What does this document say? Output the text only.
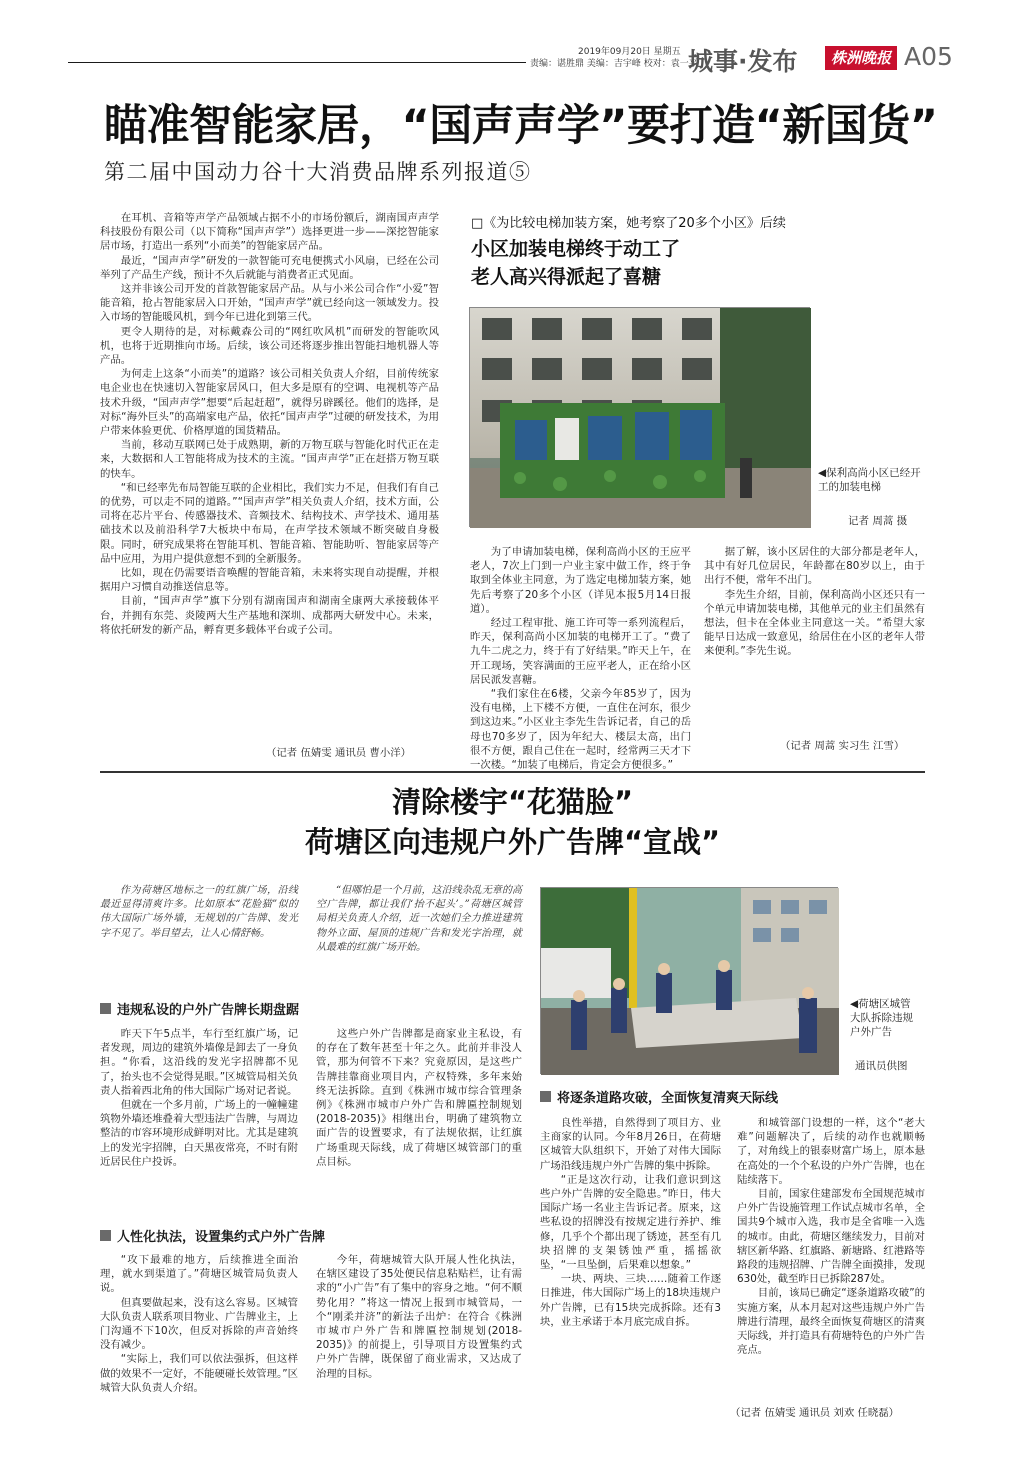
2019年09月20日 星期五
责编：谌胜鼎 美编：吉宇峰 校对：袁一平
城事·发布	株洲晚报 A05
瞄准智能家居，“国声声学”要打造“新国货”
第二届中国动力谷十大消费品牌系列报道⑤

在耳机、音箱等声学产品领域占据不小的市场份额后，湖南国声声学科技股份有限公司（以下简称“国声声学”）选择更进一步——深挖智能家居市场，打造出一系列“小而美”的智能家居产品。

最近，“国声声学”研发的一款智能可充电便携式小风扇，已经在公司举列了产品生产线，预计不久后就能与消费者正式见面。

这并非该公司开发的首款智能家居产品。从与小米公司合作“小爱”智能音箱，抢占智能家居入口开始，“国声声学”就已经向这一领域发力。投入市场的智能暖风机，到今年已进化到第三代。

更令人期待的是，对标戴森公司的“网红吹风机”而研发的智能吹风机，也将于近期推向市场。后续，该公司还将逐步推出智能扫地机器人等产品。

为何走上这条“小而美”的道路？该公司相关负责人介绍，目前传统家电企业也在快速切入智能家居风口，但大多是原有的空调、电视机等产品技术升级，“国声声学”想要“后起赶超”，就得另辟蹊径。他们的选择，是对标“海外巨头”的高端家电产品，依托“国声声学”过硬的研发技术，为用户带来体验更优、价格厚道的国货精品。

当前，移动互联网已处于成熟期，新的万物互联与智能化时代正在走来，大数据和人工智能将成为技术的主流。“国声声学”正在赶搭万物互联的快车。

“和已经率先布局智能互联的企业相比，我们实力不足，但我们有自己的优势，可以走不同的道路。”“国声声学”相关负责人介绍，技术方面，公司将在芯片平台、传感器技术、音频技术、结构技术、声学技术、通用基础技术以及前沿科学7大板块中布局，在声学技术领域不断突破自身极限。同时，研究成果将在智能耳机、智能音箱、智能助听、智能家居等产品中应用，为用户提供意想不到的全新服务。

比如，现在仍需要语音唤醒的智能音箱，未来将实现自动提醒，并根据用户习惯自动推送信息等。

目前，“国声声学”旗下分别有湖南国声和湖南全康两大承接载体平台，并拥有东莞、炎陵两大生产基地和深圳、成都两大研发中心。未来，将依托研发的新产品，孵育更多载体平台或子公司。

（记者 伍婧雯 通讯员 曹小洋）
□《为比较电梯加装方案，她考察了20多个小区》后续
小区加装电梯终于动工了
老人高兴得派起了喜糖
◀保利高尚小区已经开工的加装电梯
记者 周蒿 摄

为了申请加装电梯，保利高尚小区的王应平老人，7次上门到一户业主家中做工作，终于争取到全体业主同意，为了选定电梯加装方案，她先后考察了20多个小区（详见本报5月14日报道）。

经过工程审批、施工许可等一系列流程后，昨天，保利高尚小区加装的电梯开工了。“费了九牛二虎之力，终于有了好结果。”昨天上午，在开工现场，笑容满面的王应平老人，正在给小区居民派发喜糖。

“我们家住在6楼，父亲今年85岁了，因为没有电梯，上下楼不方便，一直住在河东，很少到这边来。”小区业主李先生告诉记者，自己的岳母也70多岁了，因为年纪大、楼层太高，出门很不方便，跟自己住在一起时，经常两三天才下一次楼。“加装了电梯后，肯定会方便很多。”

据了解，该小区居住的大部分都是老年人，其中有好几位居民，年龄都在80岁以上，由于出行不便，常年不出门。

李先生介绍，目前，保利高尚小区还只有一个单元申请加装电梯，其他单元的业主们虽然有想法，但卡在全体业主同意这一关。“希望大家能早日达成一致意见，给居住在小区的老年人带来便利。”李先生说。

（记者 周蒿 实习生 江雪）
清除楼宇“花猫脸”
荷塘区向违规户外广告牌“宣战”

作为荷塘区地标之一的红旗广场，沿线最近显得清爽许多。比如原本“花脸猫”似的伟大国际广场外墙，无规划的广告牌、发光字不见了。举目望去，让人心情舒畅。

“但哪怕是一个月前，这沿线杂乱无章的高空广告牌，都让我们‘抬不起头’。”荷塘区城管局相关负责人介绍，近一次她们全力推进建筑物外立面、屋顶的违规广告和发光字治理，就从最难的红旗广场开始。

违规私设的户外广告牌长期盘踞

昨天下午5点半，车行至红旗广场，记者发现，周边的建筑外墙像是卸去了一身负担。“你看，这沿线的发光字招牌都不见了，抬头也不会觉得晃眼。”区城管局相关负责人指着西北角的伟大国际广场对记者说。

但就在一个多月前，广场上的一幢幢建筑物外墙还堆叠着大型违法广告牌，与周边整洁的市容环境形成鲜明对比。尤其是建筑上的发光字招牌，白天黑夜常亮，不时有附近居民住户投诉。

这些户外广告牌都是商家业主私设，有的存在了数年甚至十年之久。此前并非没人管，那为何管不下来？究竟原因，是这些广告牌挂靠商业项目内，产权特殊，多年来始终无法拆除。直到《株洲市城市综合管理条例》《株洲市城市户外广告和牌匾控制规划(2018-2035)》相继出台，明确了建筑物立面广告的设置要求，有了法规依据，让红旗广场重现天际线，成了荷塘区城管部门的重点目标。

人性化执法，设置集约式户外广告牌

“攻下最难的地方，后续推进全面治理，就水到渠道了。”荷塘区城管局负责人说。

但真要做起来，没有这么容易。区城管大队负责人联系项目物业、广告牌业主，上门沟通不下10次，但反对拆除的声音始终没有减少。

“实际上，我们可以依法强拆，但这样做的效果不一定好，不能硬碰长效管理。”区城管大队负责人介绍。

今年，荷塘城管大队开展人性化执法，在辖区建设了35处便民信息粘贴栏，让有需求的“小广告”有了集中的容身之地。“何不顺势化用？”将这一情况上报到市城管局，一个“刚柔并济”的新法子出炉：在符合《株洲市城市户外广告和牌匾控制规划(2018-2035)》的前提上，引导项目方设置集约式户外广告牌，既保留了商业需求，又达成了治理的目标。

◀荷塘区城管大队拆除违规户外广告
通讯员供图
将逐条道路攻破，全面恢复清爽天际线

良性举措，自然得到了项目方、业主商家的认同。今年8月26日，在荷塘区城管大队组织下，开始了对伟大国际广场沿线违规户外广告牌的集中拆除。

“正是这次行动，让我们意识到这些户外广告牌的安全隐患。”昨日，伟大国际广场一名业主告诉记者。原来，这些私设的招牌没有按规定进行养护、维修，几乎个个都出现了锈迹，甚至有几块招牌的支架锈蚀严重，摇摇欲坠，“一旦坠倒，后果难以想象。”

一块、两块、三块……随着工作逐日推进，伟大国际广场上的18块违规户外广告牌，已有15块完成拆除。还有3块，业主承诺于本月底完成自拆。

和城管部门设想的一样，这个“老大难”问题解决了，后续的动作也就顺畅了，对角线上的银泰财富广场上，原本悬在高处的一个个私设的户外广告牌，也在陆续落下。

目前，国家住建部发布全国规范城市户外广告设施管理工作试点城市名单，全国共9个城市入选，我市是全省唯一入选的城市。由此，荷塘区继续发力，目前对辖区新华路、红旗路、新塘路、红港路等路段的违规招牌、广告牌全面摸排，发现630处，截至昨日已拆除287处。

目前，该局已确定“逐条道路攻破”的实施方案，从本月起对这些违规户外广告牌进行清理，最终全面恢复荷塘区的清爽天际线，并打造具有荷塘特色的户外广告亮点。

（记者 伍婧雯 通讯员 刘欢 任晓磊）
